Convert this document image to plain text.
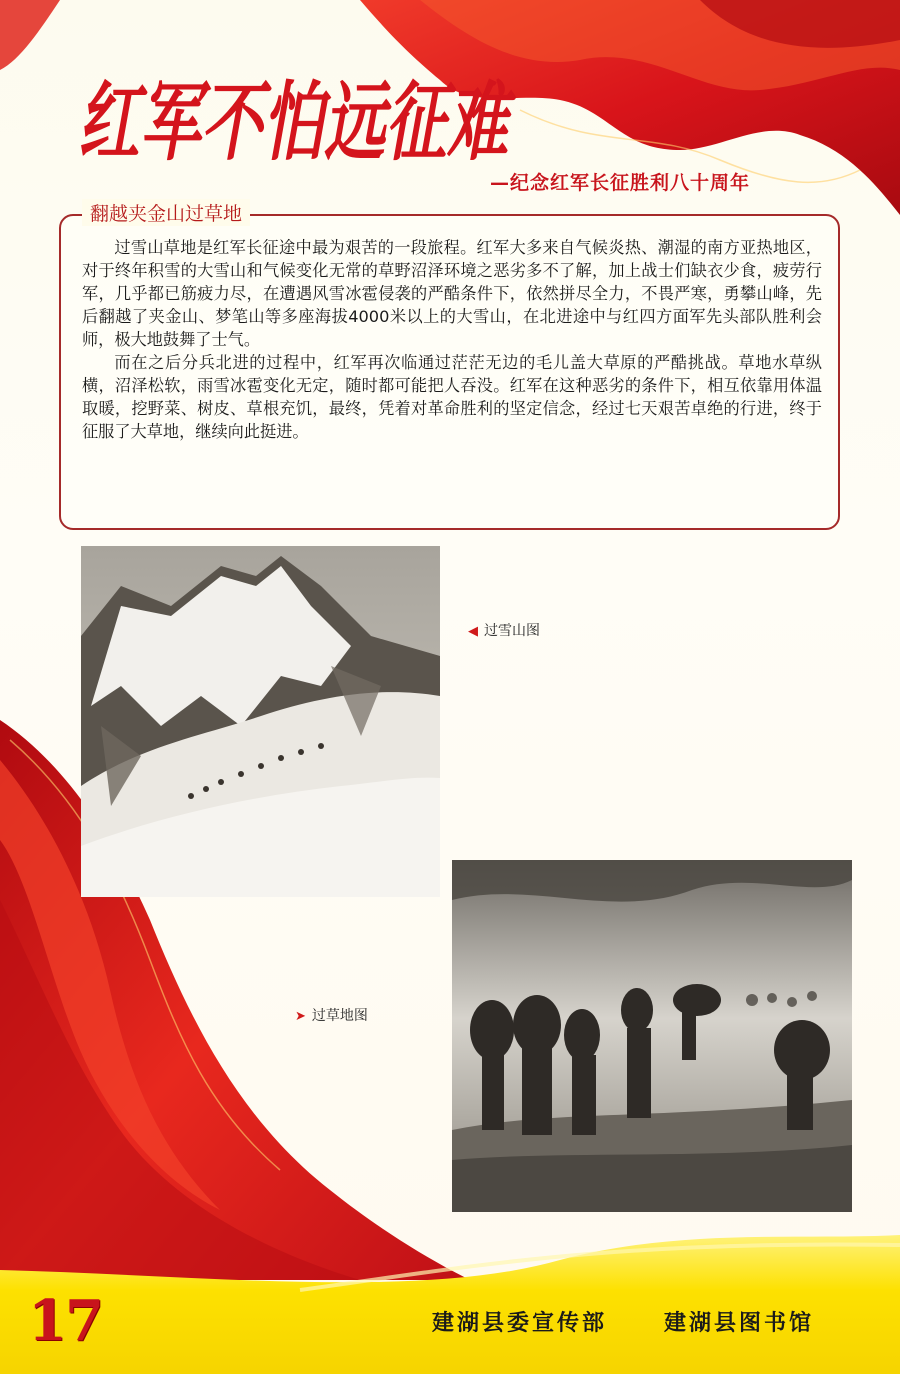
红军不怕远征难
—纪念红军长征胜利八十周年
翻越夹金山过草地

过雪山草地是红军长征途中最为艰苦的一段旅程。红军大多来自气候炎热、潮湿的南方亚热地区，对于终年积雪的大雪山和气候变化无常的草野沼泽环境之恶劣多不了解，加上战士们缺衣少食，疲劳行军，几乎都已筋疲力尽，在遭遇风雪冰雹侵袭的严酷条件下，依然拼尽全力，不畏严寒，勇攀山峰，先后翻越了夹金山、梦笔山等多座海拔4000米以上的大雪山，在北进途中与红四方面军先头部队胜利会师，极大地鼓舞了士气。

而在之后分兵北进的过程中，红军再次临通过茫茫无边的毛儿盖大草原的严酷挑战。草地水草纵横，沼泽松软，雨雪冰雹变化无定，随时都可能把人吞没。红军在这种恶劣的条件下，相互依靠用体温取暖，挖野菜、树皮、草根充饥，最终，凭着对革命胜利的坚定信念，经过七天艰苦卓绝的行进，终于征服了大草地，继续向此挺进。

◀ 过雪山图
➤ 过草地图
17	建湖县委宣传部	建湖县图书馆
